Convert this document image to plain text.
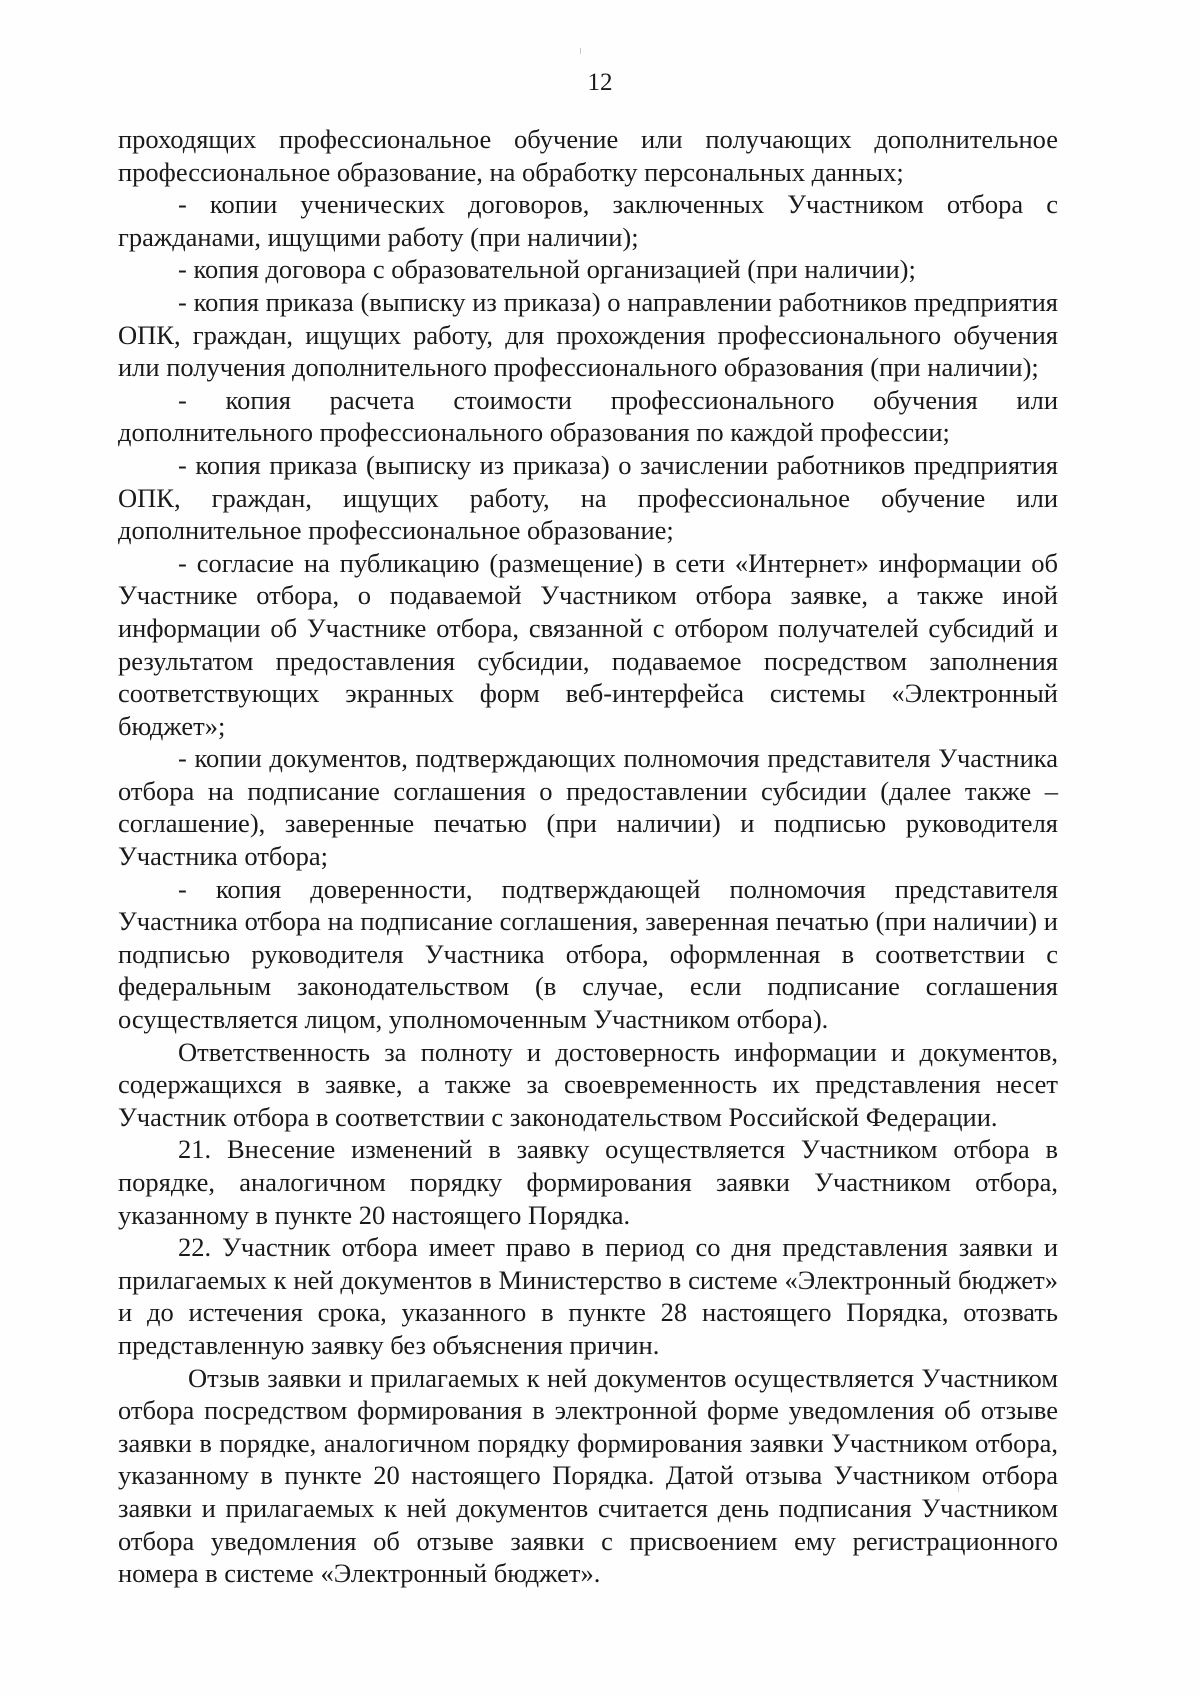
12

проходящих профессиональное обучение или получающих дополнительное профессиональное образование, на обработку персональных данных;

- копии ученических договоров, заключенных Участником отбора с гражданами, ищущими работу (при наличии);

- копия договора с образовательной организацией (при наличии);

- копия приказа (выписку из приказа) о направлении работников предприятия ОПК, граждан, ищущих работу, для прохождения профессионального обучения или получения дополнительного профессионального образования (при наличии);

- копия расчета стоимости профессионального обучения или дополнительного профессионального образования по каждой профессии;

- копия приказа (выписку из приказа) о зачислении работников предприятия ОПК, граждан, ищущих работу, на профессиональное обучение или дополнительное профессиональное образование;

- согласие на публикацию (размещение) в сети «Интернет» информации об Участнике отбора, о подаваемой Участником отбора заявке, а также иной информации об Участнике отбора, связанной с отбором получателей субсидий и результатом предоставления субсидии, подаваемое посредством заполнения соответствующих экранных форм веб-интерфейса системы «Электронный бюджет»;

- копии документов, подтверждающих полномочия представителя Участника отбора на подписание соглашения о предоставлении субсидии (далее также – соглашение), заверенные печатью (при наличии) и подписью руководителя Участника отбора;

- копия доверенности, подтверждающей полномочия представителя Участника отбора на подписание соглашения, заверенная печатью (при наличии) и подписью руководителя Участника отбора, оформленная в соответствии с федеральным законодательством (в случае, если подписание соглашения осуществляется лицом, уполномоченным Участником отбора).

Ответственность за полноту и достоверность информации и документов, содержащихся в заявке, а также за своевременность их представления несет Участник отбора в соответствии с законодательством Российской Федерации.

21. Внесение изменений в заявку осуществляется Участником отбора в порядке, аналогичном порядку формирования заявки Участником отбора, указанному в пункте 20 настоящего Порядка.

22. Участник отбора имеет право в период со дня представления заявки и прилагаемых к ней документов в Министерство в системе «Электронный бюджет» и до истечения срока, указанного в пункте 28 настоящего Порядка, отозвать представленную заявку без объяснения причин.

Отзыв заявки и прилагаемых к ней документов осуществляется Участником отбора посредством формирования в электронной форме уведомления об отзыве заявки в порядке, аналогичном порядку формирования заявки Участником отбора, указанному в пункте 20 настоящего Порядка. Датой отзыва Участником отбора заявки и прилагаемых к ней документов считается день подписания Участником отбора уведомления об отзыве заявки с присвоением ему регистрационного номера в системе «Электронный бюджет».
